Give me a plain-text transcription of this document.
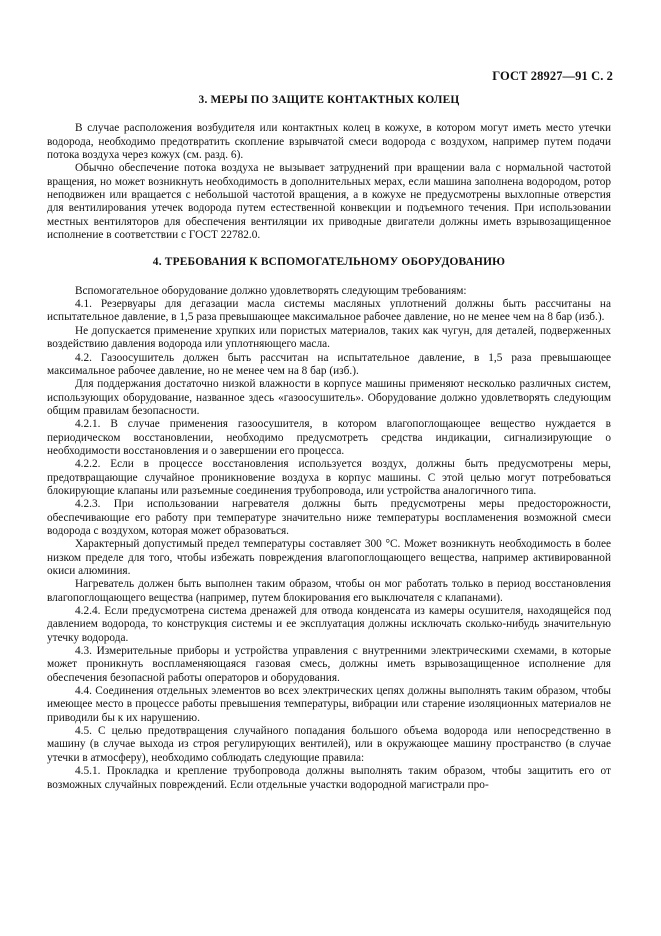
ГОСТ 28927—91 С. 2
3. МЕРЫ ПО ЗАЩИТЕ КОНТАКТНЫХ КОЛЕЦ

В случае расположения возбудителя или контактных колец в кожухе, в котором могут иметь место утечки водорода, необходимо предотвратить скопление взрывчатой смеси водорода с воздухом, например путем подачи потока воздуха через кожух (см. разд. 6).

Обычно обеспечение потока воздуха не вызывает затруднений при вращении вала с нормальной частотой вращения, но может возникнуть необходимость в дополнительных мерах, если машина заполнена водородом, ротор неподвижен или вращается с небольшой частотой вращения, а в кожухе не предусмотрены выхлопные отверстия для вентилирования утечек водорода путем естественной конвекции и подъемного течения. При использовании местных вентиляторов для обеспечения вентиляции их приводные двигатели должны иметь взрывозащищенное исполнение в соответствии с ГОСТ 22782.0.

4. ТРЕБОВАНИЯ К ВСПОМОГАТЕЛЬНОМУ ОБОРУДОВАНИЮ

Вспомогательное оборудование должно удовлетворять следующим требованиям:

4.1. Резервуары для дегазации масла системы масляных уплотнений должны быть рассчитаны на испытательное давление, в 1,5 раза превышающее максимальное рабочее давление, но не менее чем на 8 бар (изб.).

Не допускается применение хрупких или пористых материалов, таких как чугун, для деталей, подверженных воздействию давления водорода или уплотняющего масла.

4.2. Газоосушитель должен быть рассчитан на испытательное давление, в 1,5 раза превышающее максимальное рабочее давление, но не менее чем на 8 бар (изб.).

Для поддержания достаточно низкой влажности в корпусе машины применяют несколько различных систем, использующих оборудование, названное здесь «газоосушитель». Оборудование должно удовлетворять следующим общим правилам безопасности.

4.2.1. В случае применения газоосушителя, в котором влагопоглощающее вещество нуждается в периодическом восстановлении, необходимо предусмотреть средства индикации, сигнализирующие о необходимости восстановления и о завершении его процесса.

4.2.2. Если в процессе восстановления используется воздух, должны быть предусмотрены меры, предотвращающие случайное проникновение воздуха в корпус машины. С этой целью могут потребоваться блокирующие клапаны или разъемные соединения трубопровода, или устройства аналогичного типа.

4.2.3. При использовании нагревателя должны быть предусмотрены меры предосторожности, обеспечивающие его работу при температуре значительно ниже температуры воспламенения возможной смеси водорода с воздухом, которая может образоваться.

Характерный допустимый предел температуры составляет 300 °С. Может возникнуть необходимость в более низком пределе для того, чтобы избежать повреждения влагопоглощающего вещества, например активированной окиси алюминия.

Нагреватель должен быть выполнен таким образом, чтобы он мог работать только в период восстановления влагопоглощающего вещества (например, путем блокирования его выключателя с клапанами).

4.2.4. Если предусмотрена система дренажей для отвода конденсата из камеры осушителя, находящейся под давлением водорода, то конструкция системы и ее эксплуатация должны исключать сколько-нибудь значительную утечку водорода.

4.3. Измерительные приборы и устройства управления с внутренними электрическими схемами, в которые может проникнуть воспламеняющаяся газовая смесь, должны иметь взрывозащищенное исполнение для обеспечения безопасной работы операторов и оборудования.

4.4. Соединения отдельных элементов во всех электрических цепях должны выполнять таким образом, чтобы имеющее место в процессе работы превышения температуры, вибрации или старение изоляционных материалов не приводили бы к их нарушению.

4.5. С целью предотвращения случайного попадания большого объема водорода или непосредственно в машину (в случае выхода из строя регулирующих вентилей), или в окружающее машину пространство (в случае утечки в атмосферу), необходимо соблюдать следующие правила:

4.5.1. Прокладка и крепление трубопровода должны выполнять таким образом, чтобы защитить его от возможных случайных повреждений. Если отдельные участки водородной магистрали про-
